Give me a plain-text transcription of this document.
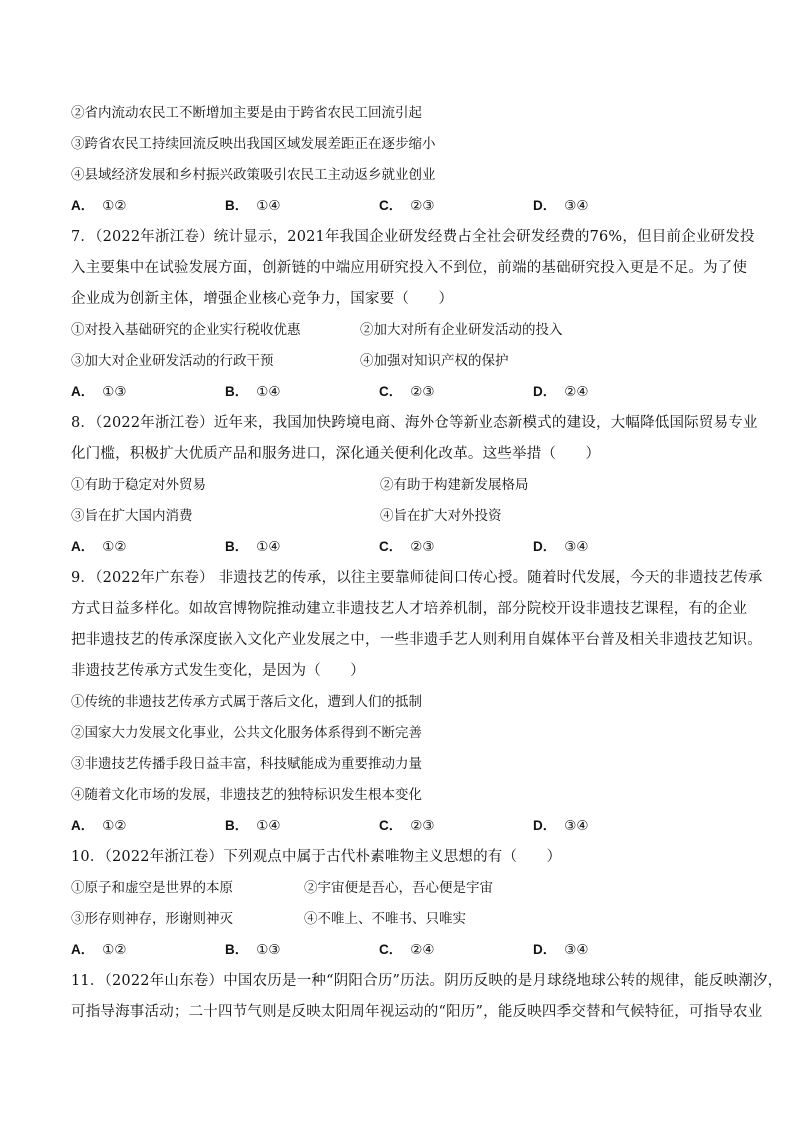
②省内流动农民工不断增加主要是由于跨省农民工回流引起
③跨省农民工持续回流反映出我国区域发展差距正在逐步缩小
④县域经济发展和乡村振兴政策吸引农民工主动返乡就业创业
A． ①②	B． ①④	C． ②③	D． ③④
7．（2022年浙江卷）统计显示，2021年我国企业研发经费占全社会研发经费的76%，但目前企业研发投
入主要集中在试验发展方面，创新链的中端应用研究投入不到位，前端的基础研究投入更是不足。为了使
企业成为创新主体，增强企业核心竞争力，国家要（　　）
①对投入基础研究的企业实行税收优惠	②加大对所有企业研发活动的投入
③加大对企业研发活动的行政干预	④加强对知识产权的保护
A． ①③	B． ①④	C． ②③	D． ②④
8．（2022年浙江卷）近年来，我国加快跨境电商、海外仓等新业态新模式的建设，大幅降低国际贸易专业
化门槛，积极扩大优质产品和服务进口，深化通关便利化改革。这些举措（　　）
①有助于稳定对外贸易	②有助于构建新发展格局
③旨在扩大国内消费	④旨在扩大对外投资
A． ①②	B． ①④	C． ②③	D． ③④
9．（2022年广东卷） 非遗技艺的传承，以往主要靠师徒间口传心授。随着时代发展，今天的非遗技艺传承
方式日益多样化。如故宫博物院推动建立非遗技艺人才培养机制，部分院校开设非遗技艺课程，有的企业
把非遗技艺的传承深度嵌入文化产业发展之中，一些非遗手艺人则利用自媒体平台普及相关非遗技艺知识。
非遗技艺传承方式发生变化，是因为（　　）
①传统的非遗技艺传承方式属于落后文化，遭到人们的抵制
②国家大力发展文化事业，公共文化服务体系得到不断完善
③非遗技艺传播手段日益丰富，科技赋能成为重要推动力量
④随着文化市场的发展，非遗技艺的独特标识发生根本变化
A． ①②	B． ①④	C． ②③	D． ③④
10．（2022年浙江卷）下列观点中属于古代朴素唯物主义思想的有（　　）
①原子和虚空是世界的本原	②宇宙便是吾心，吾心便是宇宙
③形存则神存，形谢则神灭	④不唯上、不唯书、只唯实
A． ①②	B． ①③	C． ②④	D． ③④
11．（2022年山东卷）中国农历是一种“阴阳合历”历法。阴历反映的是月球绕地球公转的规律，能反映潮汐，
可指导海事活动；二十四节气则是反映太阳周年视运动的“阳历”，能反映四季交替和气候特征，可指导农业
